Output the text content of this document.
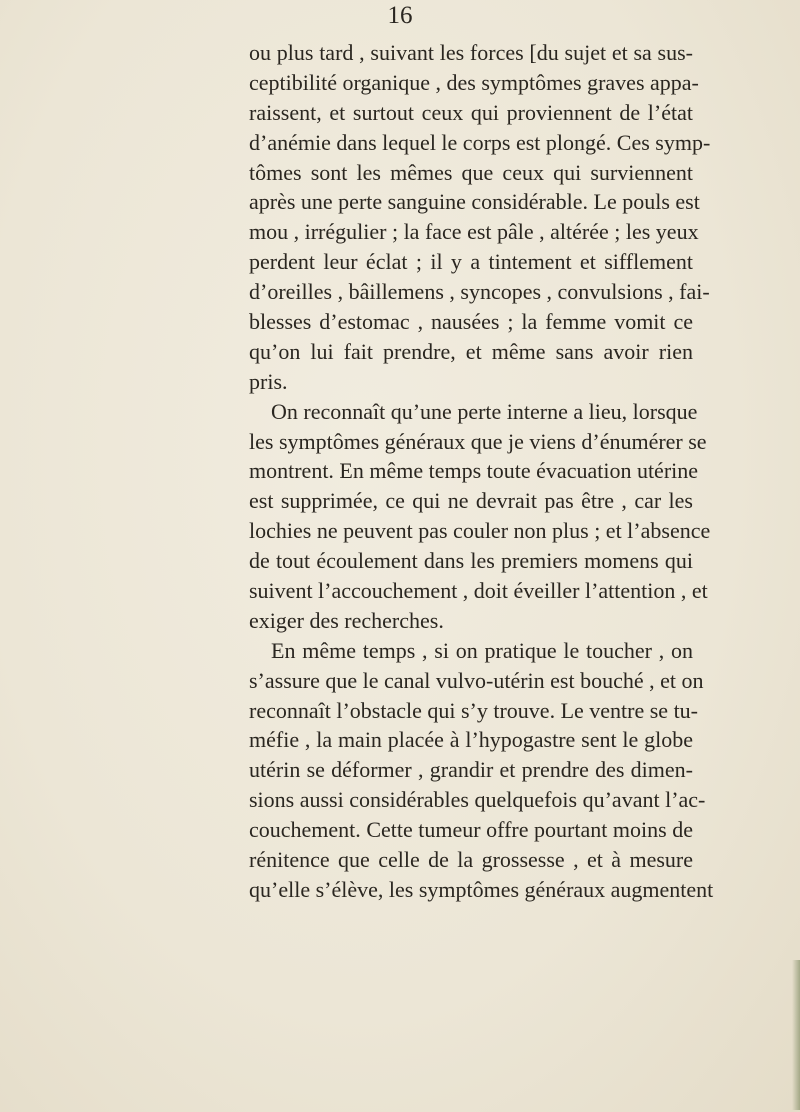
16
ou plus tard , suivant les forces [du sujet et sa sus-
ceptibilité organique , des symptômes graves appa-
raissent, et surtout ceux qui proviennent de l’état
d’anémie dans lequel le corps est plongé. Ces symp-
tômes sont les mêmes que ceux qui surviennent
après une perte sanguine considérable. Le pouls est
mou , irrégulier ; la face est pâle , altérée ; les yeux
perdent leur éclat ; il y a tintement et sifflement
d’oreilles , bâillemens , syncopes , convulsions , fai-
blesses d’estomac , nausées ; la femme vomit ce
qu’on lui fait prendre, et même sans avoir rien
pris.
On reconnaît qu’une perte interne a lieu, lorsque
les symptômes généraux que je viens d’énumérer se
montrent. En même temps toute évacuation utérine
est supprimée, ce qui ne devrait pas être , car les
lochies ne peuvent pas couler non plus ; et l’absence
de tout écoulement dans les premiers momens qui
suivent l’accouchement , doit éveiller l’attention , et
exiger des recherches.
En même temps , si on pratique le toucher , on
s’assure que le canal vulvo-utérin est bouché , et on
reconnaît l’obstacle qui s’y trouve. Le ventre se tu-
méfie , la main placée à l’hypogastre sent le globe
utérin se déformer , grandir et prendre des dimen-
sions aussi considérables quelquefois qu’avant l’ac-
couchement. Cette tumeur offre pourtant moins de
rénitence que celle de la grossesse , et à mesure
qu’elle s’élève, les symptômes généraux augmentent
